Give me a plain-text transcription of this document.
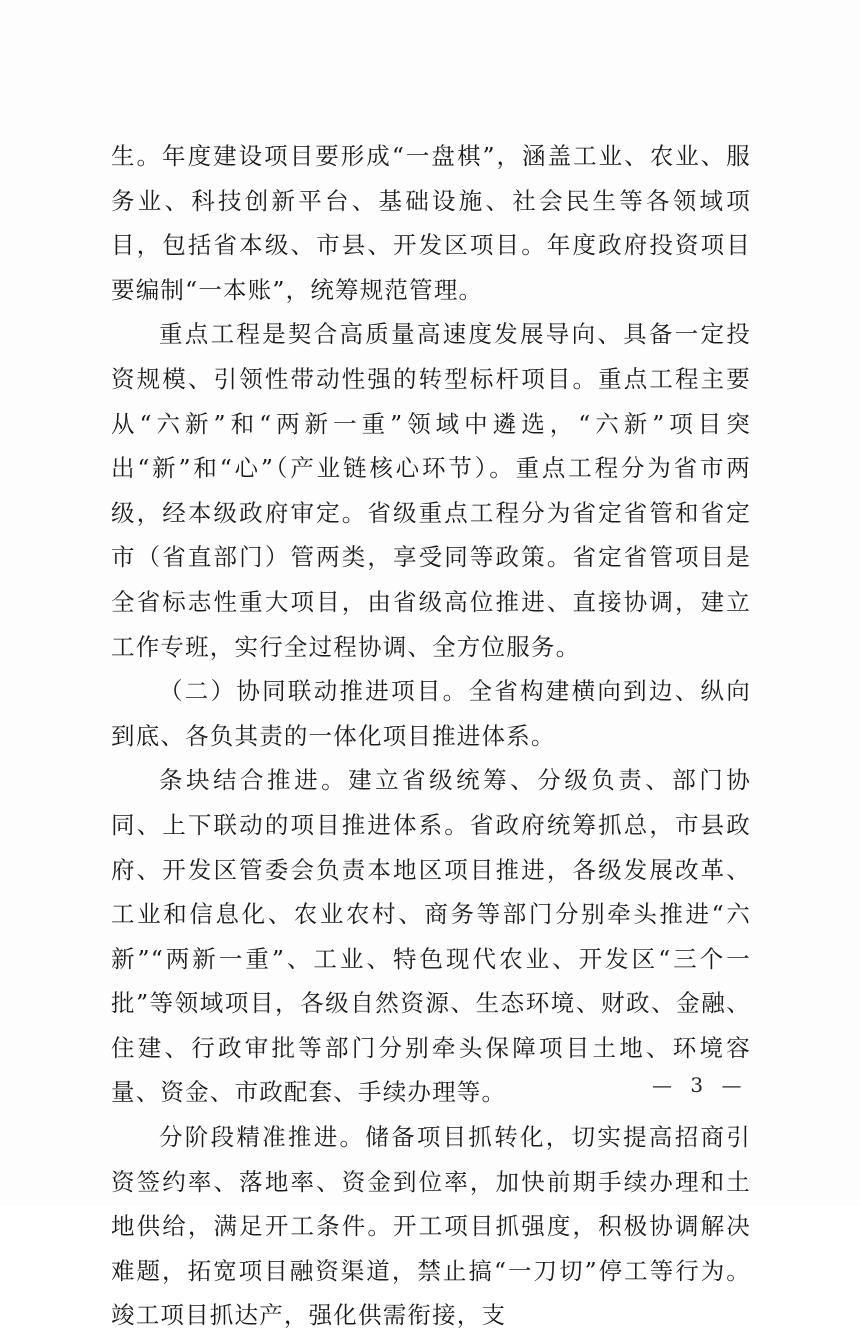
生。年度建设项目要形成“一盘棋”，涵盖工业、农业、服务业、科技创新平台、基础设施、社会民生等各领域项目，包括省本级、市县、开发区项目。年度政府投资项目要编制“一本账”，统筹规范管理。

重点工程是契合高质量高速度发展导向、具备一定投资规模、引领性带动性强的转型标杆项目。重点工程主要从“六新”和“两新一重”领域中遴选，“六新”项目突出“新”和“心”（产业链核心环节）。重点工程分为省市两级，经本级政府审定。省级重点工程分为省定省管和省定市（省直部门）管两类，享受同等政策。省定省管项目是全省标志性重大项目，由省级高位推进、直接协调，建立工作专班，实行全过程协调、全方位服务。

（二）协同联动推进项目。全省构建横向到边、纵向到底、各负其责的一体化项目推进体系。

条块结合推进。建立省级统筹、分级负责、部门协同、上下联动的项目推进体系。省政府统筹抓总，市县政府、开发区管委会负责本地区项目推进，各级发展改革、工业和信息化、农业农村、商务等部门分别牵头推进“六新”“两新一重”、工业、特色现代农业、开发区“三个一批”等领域项目，各级自然资源、生态环境、财政、金融、住建、行政审批等部门分别牵头保障项目土地、环境容量、资金、市政配套、手续办理等。

分阶段精准推进。储备项目抓转化，切实提高招商引资签约率、落地率、资金到位率，加快前期手续办理和土地供给，满足开工条件。开工项目抓强度，积极协调解决难题，拓宽项目融资渠道，禁止搞“一刀切”停工等行为。竣工项目抓达产，强化供需衔接，支

— 3 —
